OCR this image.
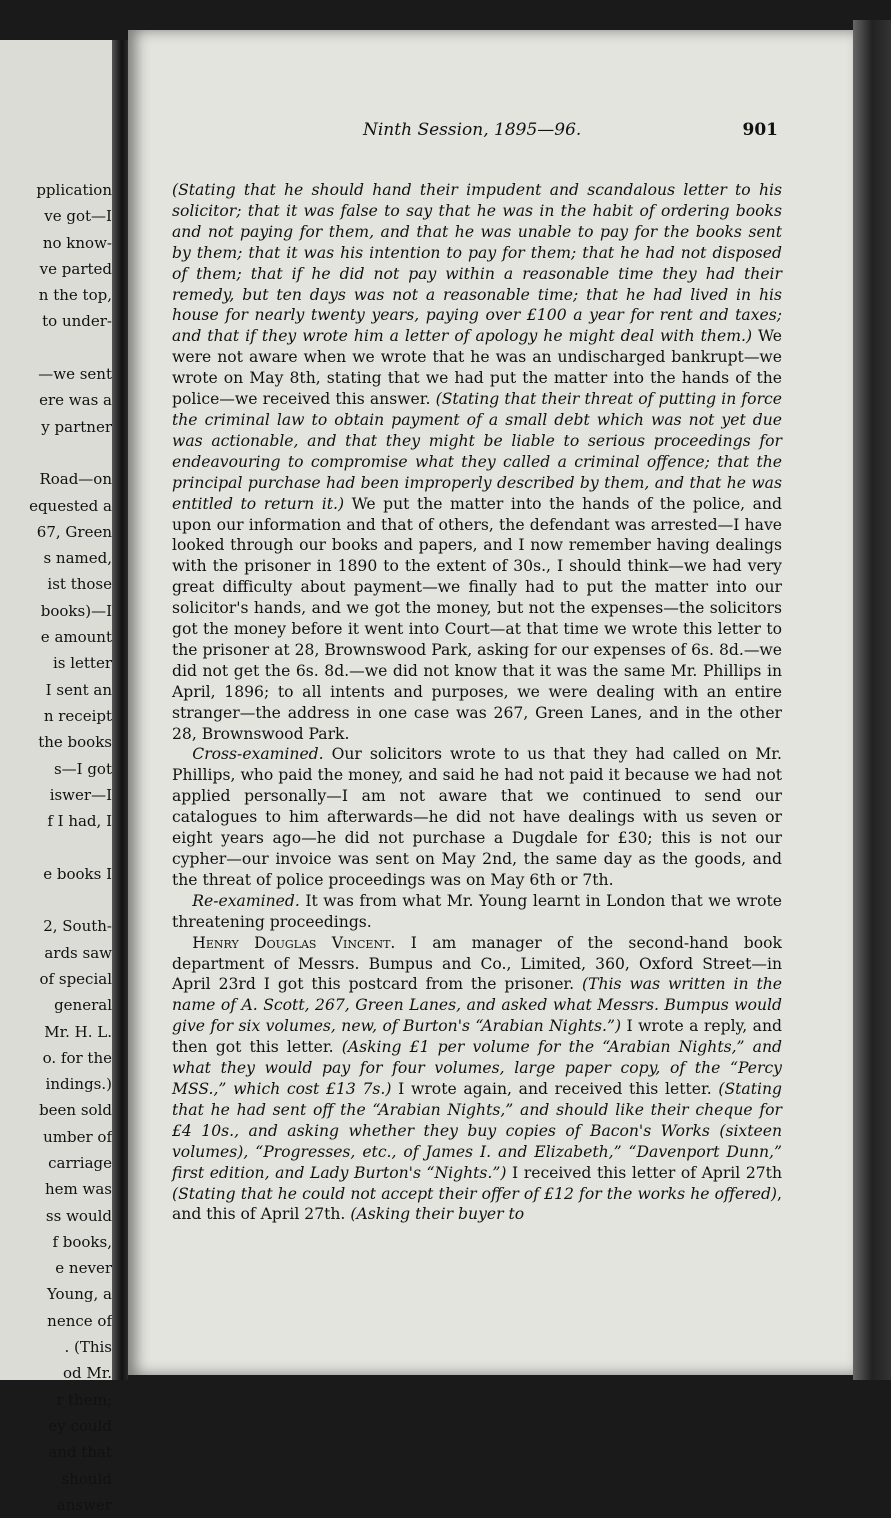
pplication
ve got—I
no know-
ve parted
n the top,
to under-

—we sent
ere was a
y partner

Road—on
equested a
67, Green
s named,
ist those
books)—I
e amount
is letter
I sent an
n receipt
the books
s—I got
iswer—I
f I had, I

e books I

2, South-
ards saw
of special
general
Mr. H. L.
o. for the
indings.)
been sold
umber of
carriage
hem was
ss would
f books,
e never
Young, a
nence of
. (This
od Mr.
r them;
ey could
and that
should
answer
Ninth Session, 1895—96.	901

(Stating that he should hand their impudent and scandalous letter to his solicitor; that it was false to say that he was in the habit of ordering books and not paying for them, and that he was unable to pay for the books sent by them; that it was his intention to pay for them; that he had not disposed of them; that if he did not pay within a reasonable time they had their remedy, but ten days was not a reasonable time; that he had lived in his house for nearly twenty years, paying over £100 a year for rent and taxes; and that if they wrote him a letter of apology he might deal with them.) We were not aware when we wrote that he was an undischarged bankrupt—we wrote on May 8th, stating that we had put the matter into the hands of the police—we received this answer. (Stating that their threat of putting in force the criminal law to obtain payment of a small debt which was not yet due was actionable, and that they might be liable to serious proceedings for endeavouring to compromise what they called a criminal offence; that the principal purchase had been improperly described by them, and that he was entitled to return it.) We put the matter into the hands of the police, and upon our information and that of others, the defendant was arrested—I have looked through our books and papers, and I now remember having dealings with the prisoner in 1890 to the extent of 30s., I should think—we had very great difficulty about payment—we finally had to put the matter into our solicitor's hands, and we got the money, but not the expenses—the solicitors got the money before it went into Court—at that time we wrote this letter to the prisoner at 28, Brownswood Park, asking for our expenses of 6s. 8d.—we did not get the 6s. 8d.—we did not know that it was the same Mr. Phillips in April, 1896; to all intents and purposes, we were dealing with an entire stranger—the address in one case was 267, Green Lanes, and in the other 28, Brownswood Park.

Cross-examined. Our solicitors wrote to us that they had called on Mr. Phillips, who paid the money, and said he had not paid it because we had not applied personally—I am not aware that we continued to send our catalogues to him afterwards—he did not have dealings with us seven or eight years ago—he did not purchase a Dugdale for £30; this is not our cypher—our invoice was sent on May 2nd, the same day as the goods, and the threat of police proceedings was on May 6th or 7th.

Re-examined. It was from what Mr. Young learnt in London that we wrote threatening proceedings.

Henry Douglas Vincent. I am manager of the second-hand book department of Messrs. Bumpus and Co., Limited, 360, Oxford Street—in April 23rd I got this postcard from the prisoner. (This was written in the name of A. Scott, 267, Green Lanes, and asked what Messrs. Bumpus would give for six volumes, new, of Burton's “Arabian Nights.”) I wrote a reply, and then got this letter. (Asking £1 per volume for the “Arabian Nights,” and what they would pay for four volumes, large paper copy, of the “Percy MSS.,” which cost £13 7s.) I wrote again, and received this letter. (Stating that he had sent off the “Arabian Nights,” and should like their cheque for £4 10s., and asking whether they buy copies of Bacon's Works (sixteen volumes), “Progresses, etc., of James I. and Elizabeth,” “Davenport Dunn,” first edition, and Lady Burton's “Nights.”) I received this letter of April 27th (Stating that he could not accept their offer of £12 for the works he offered), and this of April 27th. (Asking their buyer to
